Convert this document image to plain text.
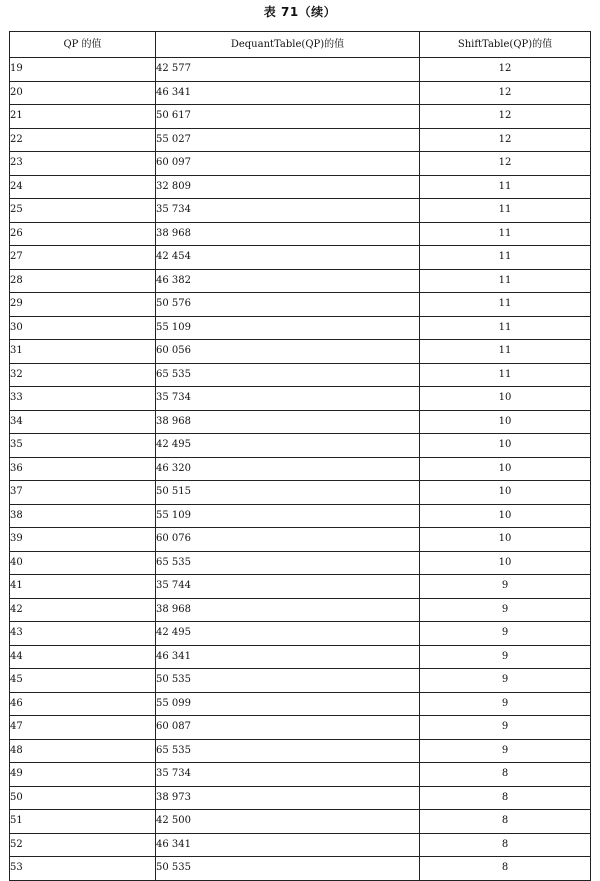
表 71（续）
QP 的值	DequantTable(QP)的值	ShiftTable(QP)的值
19	42 577	12
20	46 341	12
21	50 617	12
22	55 027	12
23	60 097	12
24	32 809	11
25	35 734	11
26	38 968	11
27	42 454	11
28	46 382	11
29	50 576	11
30	55 109	11
31	60 056	11
32	65 535	11
33	35 734	10
34	38 968	10
35	42 495	10
36	46 320	10
37	50 515	10
38	55 109	10
39	60 076	10
40	65 535	10
41	35 744	9
42	38 968	9
43	42 495	9
44	46 341	9
45	50 535	9
46	55 099	9
47	60 087	9
48	65 535	9
49	35 734	8
50	38 973	8
51	42 500	8
52	46 341	8
53	50 535	8
